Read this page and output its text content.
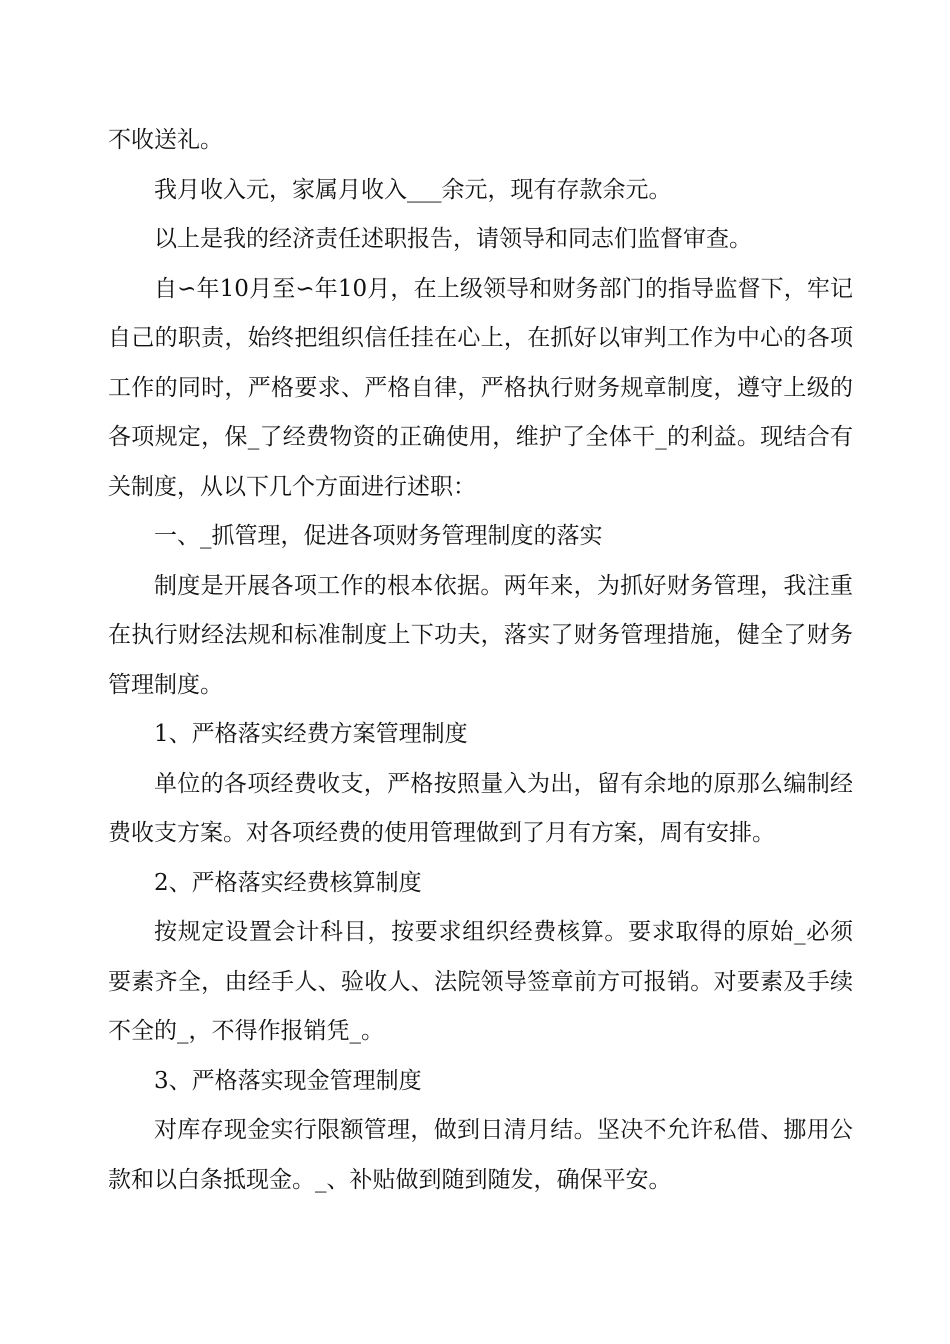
不收送礼。

我月收入元，家属月收入___余元，现有存款余元。

以上是我的经济责任述职报告，请领导和同志们监督审查。

自∽年10月至∽年10月，在上级领导和财务部门的指导监督下，牢记自己的职责，始终把组织信任挂在心上，在抓好以审判工作为中心的各项工作的同时，严格要求、严格自律，严格执行财务规章制度，遵守上级的各项规定，保_了经费物资的正确使用，维护了全体干_的利益。现结合有关制度，从以下几个方面进行述职：

一、_抓管理，促进各项财务管理制度的落实

制度是开展各项工作的根本依据。两年来，为抓好财务管理，我注重在执行财经法规和标准制度上下功夫，落实了财务管理措施，健全了财务管理制度。

1、严格落实经费方案管理制度

单位的各项经费收支，严格按照量入为出，留有余地的原那么编制经费收支方案。对各项经费的使用管理做到了月有方案，周有安排。

2、严格落实经费核算制度

按规定设置会计科目，按要求组织经费核算。要求取得的原始_必须要素齐全，由经手人、验收人、法院领导签章前方可报销。对要素及手续不全的_，不得作报销凭_。

3、严格落实现金管理制度

对库存现金实行限额管理，做到日清月结。坚决不允许私借、挪用公款和以白条抵现金。_、补贴做到随到随发，确保平安。
